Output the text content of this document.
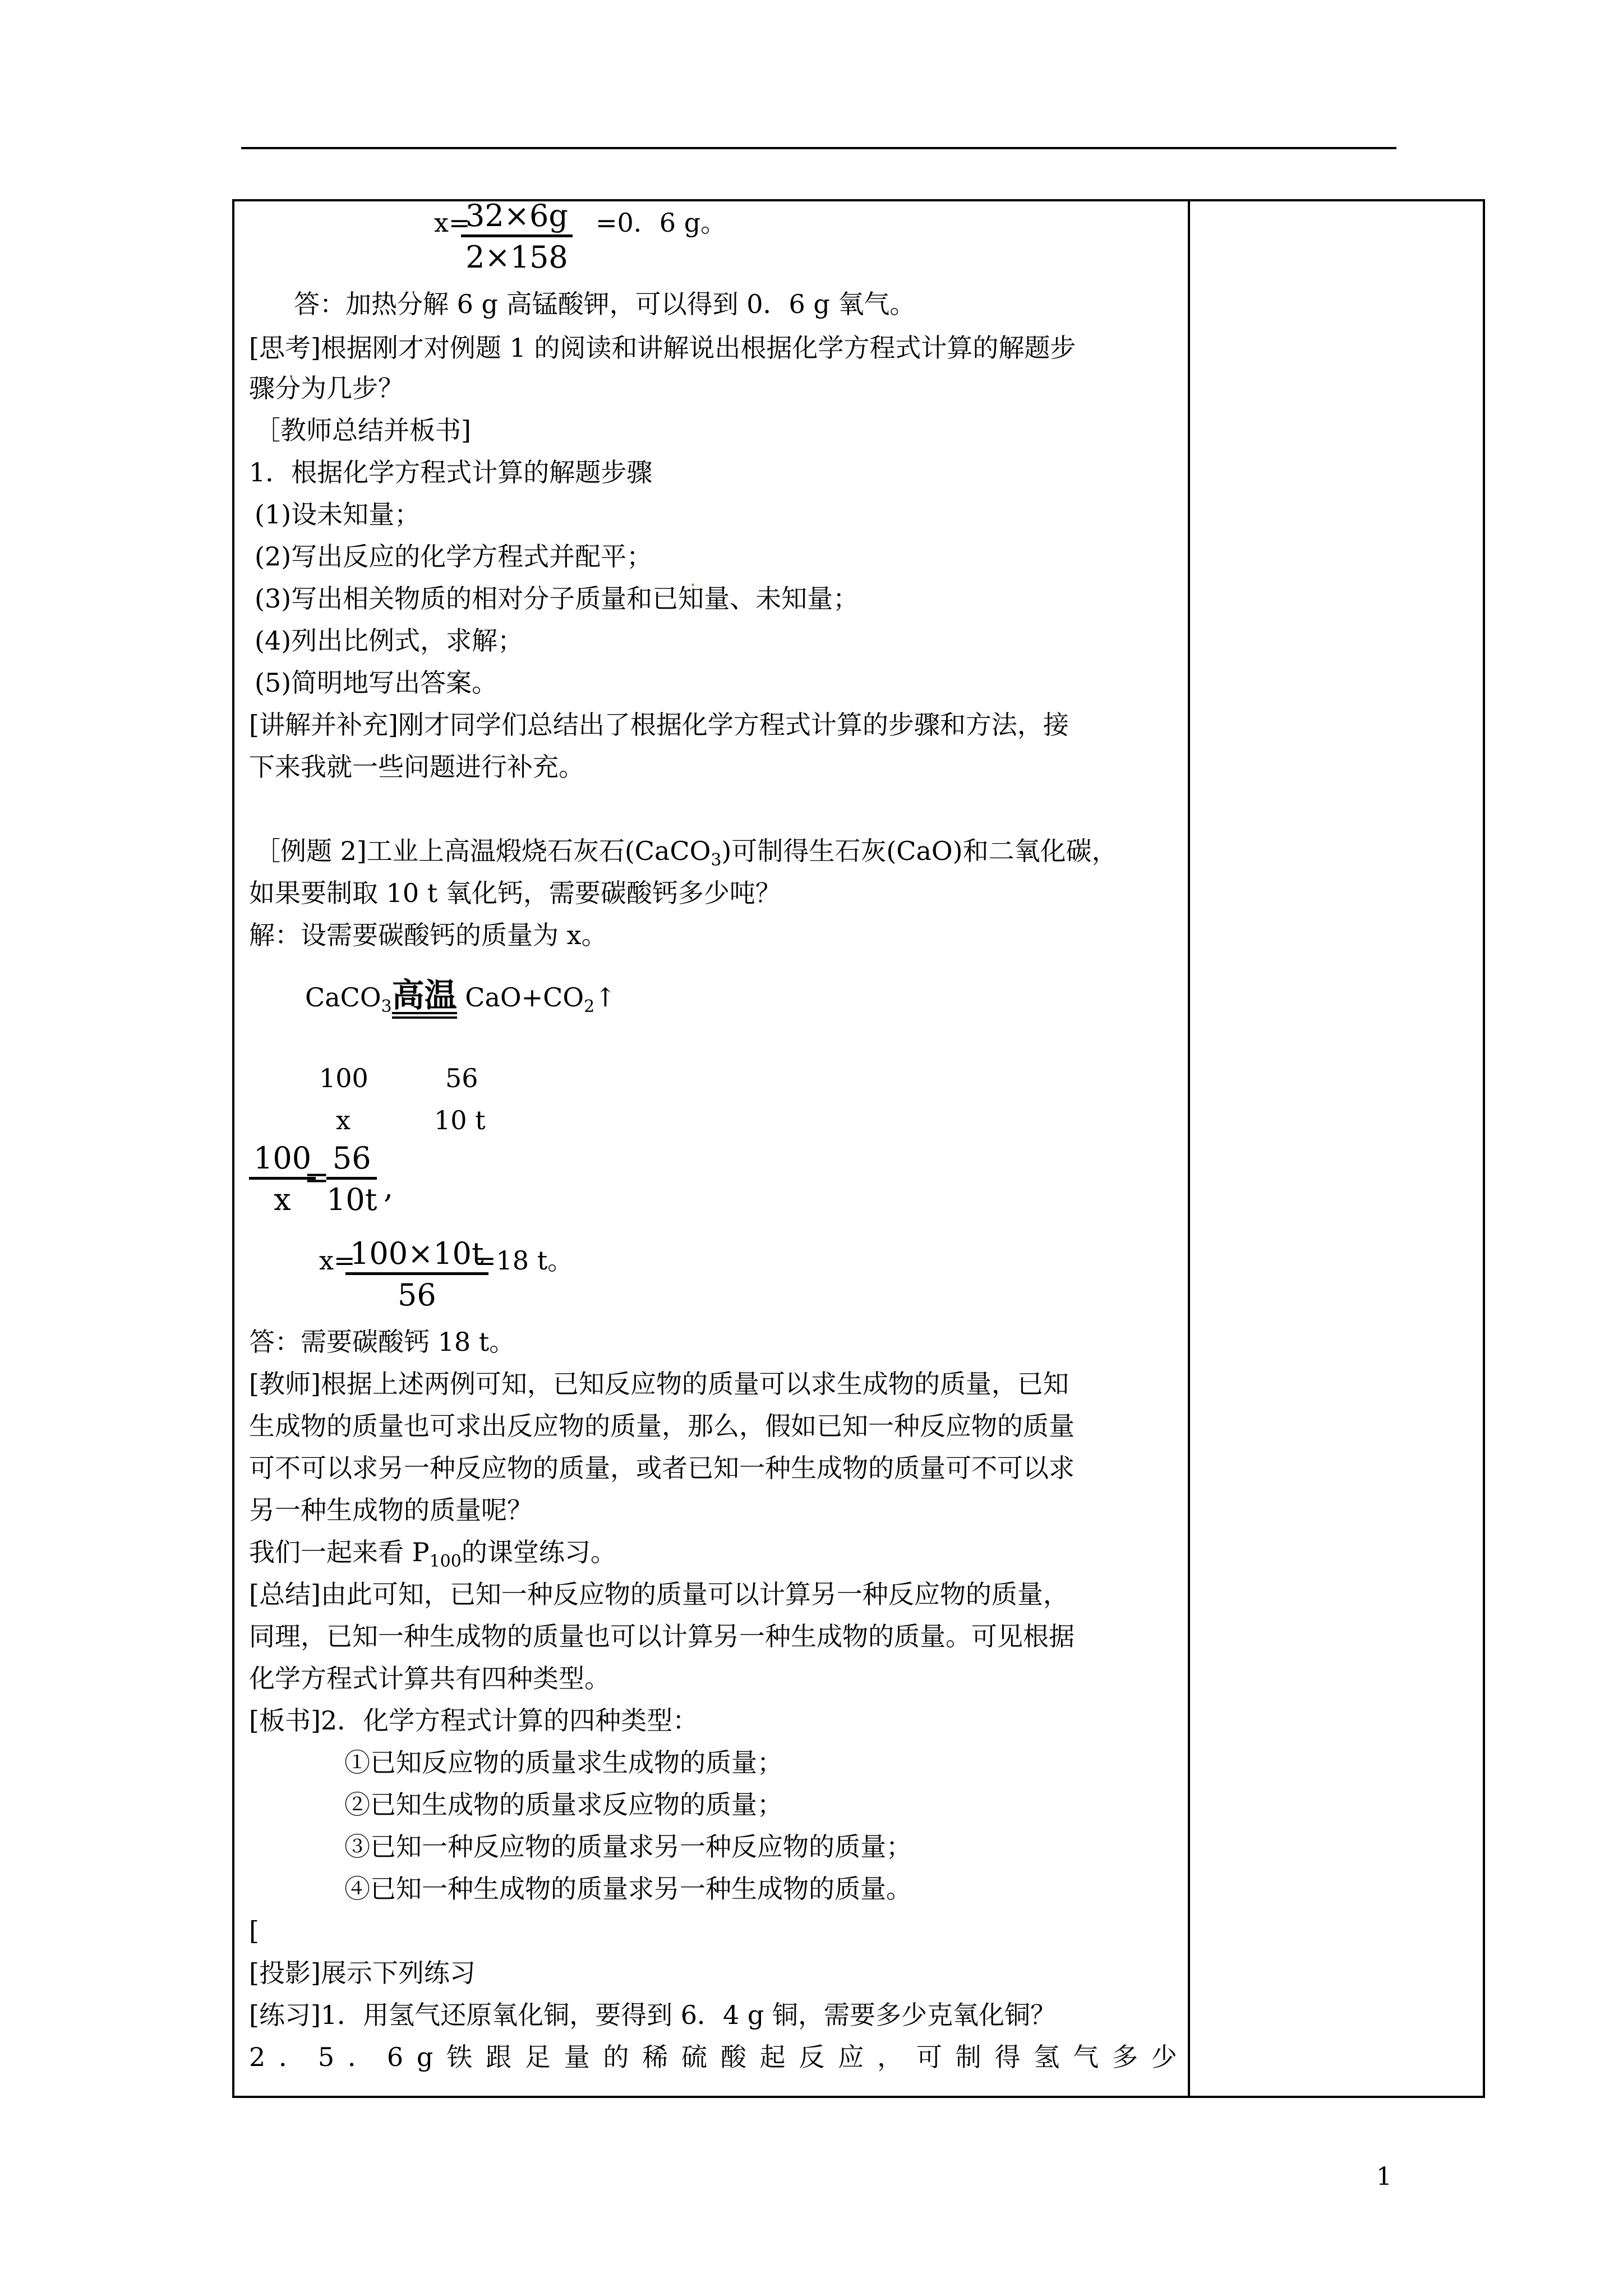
x=
$\frac{32\times 6g}{2\times 158} =0$．6 g。
答：加热分解 6 g 高锰酸钾，可以得到 0．6 g 氧气。
[思考]根据刚才对例题 1 的阅读和讲解说出根据化学方程式计算的解题步
骤分为几步？
［教师总结并板书]
1．根据化学方程式计算的解题步骤
(1)设未知量；
(2)写出反应的化学方程式并配平；
(3)写出相关物质的相对分子质量和已知量、未知量；
(4)列出比例式，求解；
(5)简明地写出答案。
[讲解并补充]刚才同学们总结出了根据化学方程式计算的步骤和方法，接
下来我就一些问题进行补充。
［例题 2]工业上高温煅烧石灰石(CaCO$_3$)可制得生石灰(CaO)和二氧化碳，
如果要制取 10 t 氧化钙，需要碳酸钙多少吨？
解：设需要碳酸钙的质量为 x。
CaCO$_3$高温 $CaO+CO_2↑$
100	56
x	10 t
$\frac{100}{x}$
=
$\frac{56}{10t}$ ,
x=
$\frac{100\times 10t}{56}$
=18 t。
答：需要碳酸钙 18 t。
[教师]根据上述两例可知，已知反应物的质量可以求生成物的质量，已知
生成物的质量也可求出反应物的质量，那么，假如已知一种反应物的质量
可不可以求另一种反应物的质量，或者已知一种生成物的质量可不可以求
另一种生成物的质量呢？
我们一起来看 $P_{100}$的课堂练习。
[总结]由此可知，已知一种反应物的质量可以计算另一种反应物的质量，
同理，已知一种生成物的质量也可以计算另一种生成物的质量。可见根据
化学方程式计算共有四种类型。
[板书]2．化学方程式计算的四种类型：
①已知反应物的质量求生成物的质量；
②已知生成物的质量求反应物的质量；
③已知一种反应物的质量求另一种反应物的质量；
④已知一种生成物的质量求另一种生成物的质量。
[
[投影]展示下列练习
[练习]1．用氢气还原氧化铜，要得到 6．4 g 铜，需要多少克氧化铜？
2 ． 5 ． 6 g 铁 跟 足 量 的 稀 硫 酸 起 反 应 ， 可 制 得 氢 气 多 少
1
